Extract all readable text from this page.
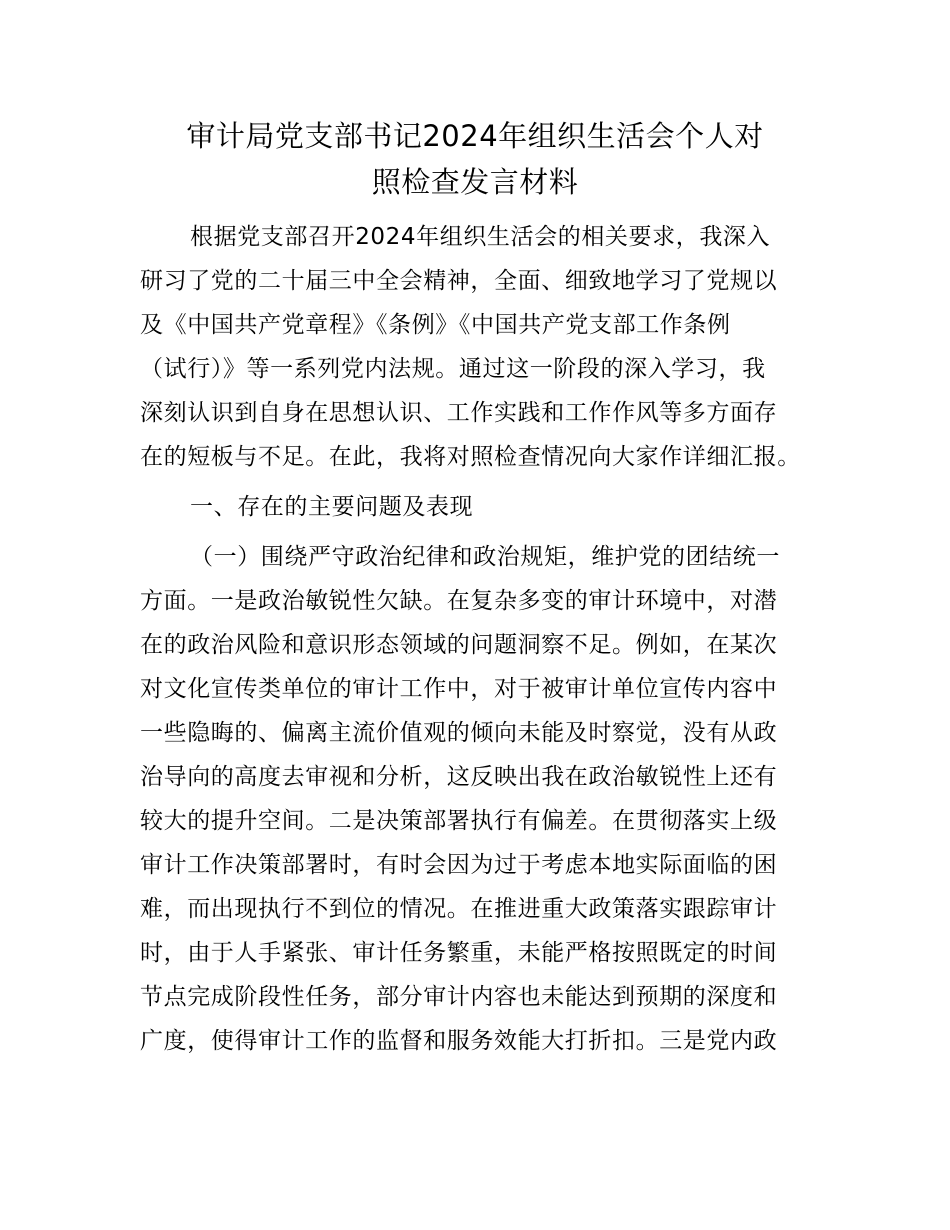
审计局党支部书记2024年组织生活会个人对
照检查发言材料
根据党支部召开2024年组织生活会的相关要求，我深入
研习了党的二十届三中全会精神，全面、细致地学习了党规以
及《中国共产党章程》《条例》《中国共产党支部工作条例
（试行）》等一系列党内法规。通过这一阶段的深入学习，我
深刻认识到自身在思想认识、工作实践和工作作风等多方面存
在的短板与不足。在此，我将对照检查情况向大家作详细汇报。
一、存在的主要问题及表现
（一）围绕严守政治纪律和政治规矩，维护党的团结统一
方面。一是政治敏锐性欠缺。在复杂多变的审计环境中，对潜
在的政治风险和意识形态领域的问题洞察不足。例如，在某次
对文化宣传类单位的审计工作中，对于被审计单位宣传内容中
一些隐晦的、偏离主流价值观的倾向未能及时察觉，没有从政
治导向的高度去审视和分析，这反映出我在政治敏锐性上还有
较大的提升空间。二是决策部署执行有偏差。在贯彻落实上级
审计工作决策部署时，有时会因为过于考虑本地实际面临的困
难，而出现执行不到位的情况。在推进重大政策落实跟踪审计
时，由于人手紧张、审计任务繁重，未能严格按照既定的时间
节点完成阶段性任务，部分审计内容也未能达到预期的深度和
广度，使得审计工作的监督和服务效能大打折扣。三是党内政
